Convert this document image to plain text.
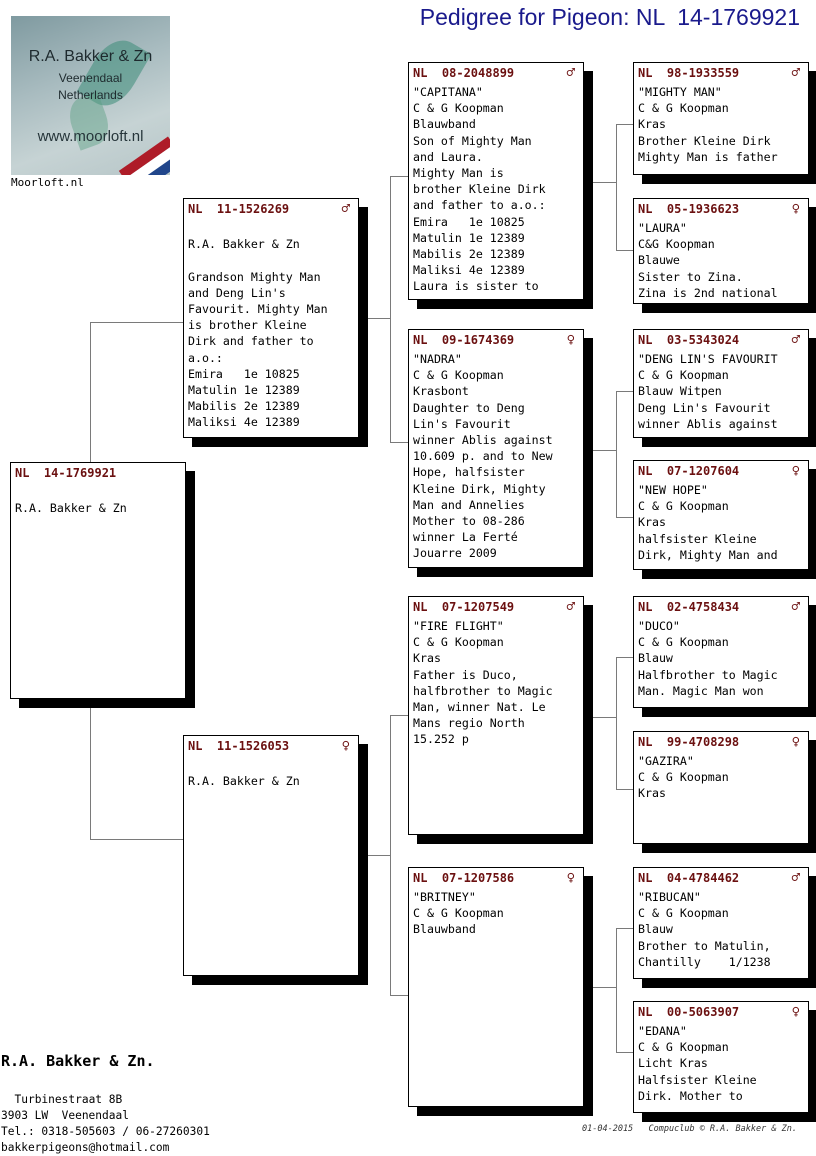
Pedigree for Pigeon: NL  14-1769921
R.A. Bakker & Zn
Veenendaal
Netherlands
www.moorloft.nl
Moorloft.nl
NL  14-1769921

R.A. Bakker & Zn
NL  11-1526269	♂

R.A. Bakker & Zn

Grandson Mighty Man
and Deng Lin's
Favourit. Mighty Man
is brother Kleine
Dirk and father to
a.o.:
Emira   1e 10825
Matulin 1e 12389
Mabilis 2e 12389
Maliksi 4e 12389
NL  11-1526053	♀

R.A. Bakker & Zn
NL  08-2048899	♂
"CAPITANA"
C & G Koopman
Blauwband
Son of Mighty Man
and Laura.
Mighty Man is
brother Kleine Dirk
and father to a.o.:
Emira   1e 10825
Matulin 1e 12389
Mabilis 2e 12389
Maliksi 4e 12389
Laura is sister to
NL  09-1674369	♀
"NADRA"
C & G Koopman
Krasbont
Daughter to Deng
Lin's Favourit
winner Ablis against
10.609 p. and to New
Hope, halfsister
Kleine Dirk, Mighty
Man and Annelies
Mother to 08-286
winner La Ferté
Jouarre 2009
NL  07-1207549	♂
"FIRE FLIGHT"
C & G Koopman
Kras
Father is Duco,
halfbrother to Magic
Man, winner Nat. Le
Mans regio North
15.252 p
NL  07-1207586	♀
"BRITNEY"
C & G Koopman
Blauwband
NL  98-1933559	♂
"MIGHTY MAN"
C & G Koopman
Kras
Brother Kleine Dirk
Mighty Man is father
NL  05-1936623	♀
"LAURA"
C&G Koopman
Blauwe
Sister to Zina.
Zina is 2nd national
NL  03-5343024	♂
"DENG LIN'S FAVOURIT
C & G Koopman
Blauw Witpen
Deng Lin's Favourit
winner Ablis against
NL  07-1207604	♀
"NEW HOPE"
C & G Koopman
Kras
halfsister Kleine
Dirk, Mighty Man and
NL  02-4758434	♂
"DUCO"
C & G Koopman
Blauw
Halfbrother to Magic
Man. Magic Man won
NL  99-4708298	♀
"GAZIRA"
C & G Koopman
Kras
NL  04-4784462	♂
"RIBUCAN"
C & G Koopman
Blauw
Brother to Matulin,
Chantilly    1/1238
NL  00-5063907	♀
"EDANA"
C & G Koopman
Licht Kras
Halfsister Kleine
Dirk. Mother to

R.A. Bakker & Zn.

Turbinestraat 8B
3903 LW  Veenendaal
Tel.: 0318-505603 / 06-27260301
bakkerpigeons@hotmail.com

01-04-2015   Compuclub © R.A. Bakker & Zn.
